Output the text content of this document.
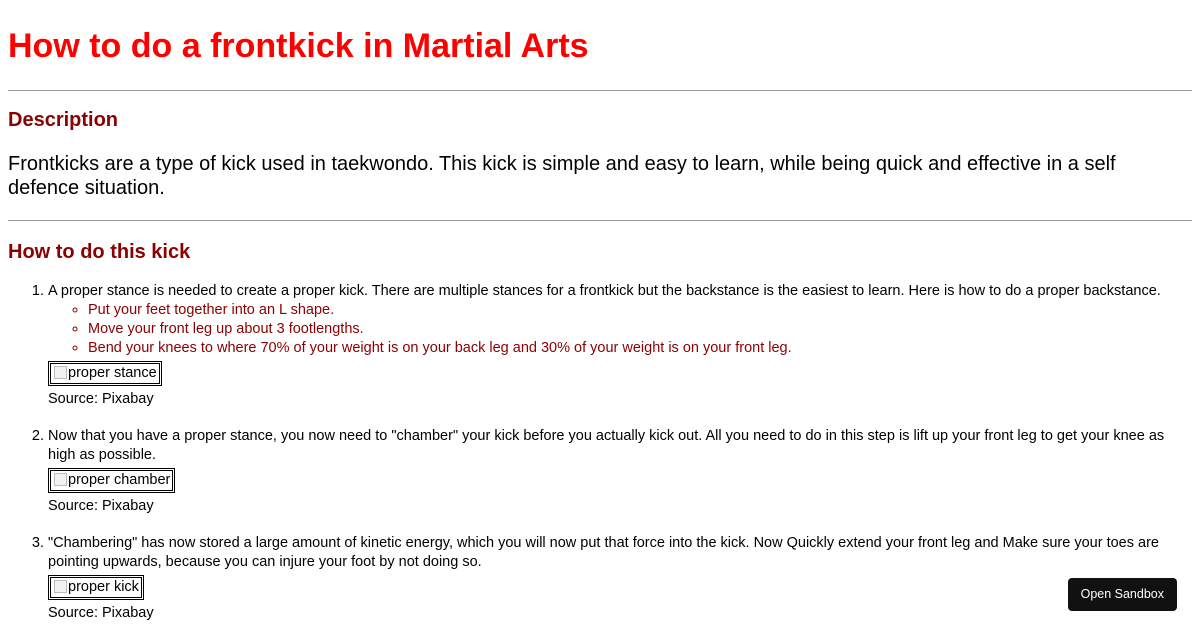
How to do a frontkick in Martial Arts
Description

Frontkicks are a type of kick used in taekwondo. This kick is simple and easy to learn, while being quick and effective in a self defence situation.

How to do this kick
1. A proper stance is needed to create a proper kick. There are multiple stances for a frontkick but the backstance is the easiest to learn. Here is how to do a proper backstance.
◦ Put your feet together into an L shape.
◦ Move your front leg up about 3 footlengths.
◦ Bend your knees to where 70% of your weight is on your back leg and 30% of your weight is on your front leg.
proper stance
Source: Pixabay
2. Now that you have a proper stance, you now need to "chamber" your kick before you actually kick out. All you need to do in this step is lift up your front leg to get your knee as high as possible.
proper chamber
Source: Pixabay
3. "Chambering" has now stored a large amount of kinetic energy, which you will now put that force into the kick. Now Quickly extend your front leg and Make sure your toes are pointing upwards, because you can injure your foot by not doing so.
proper kick
Source: Pixabay
Open Sandbox
